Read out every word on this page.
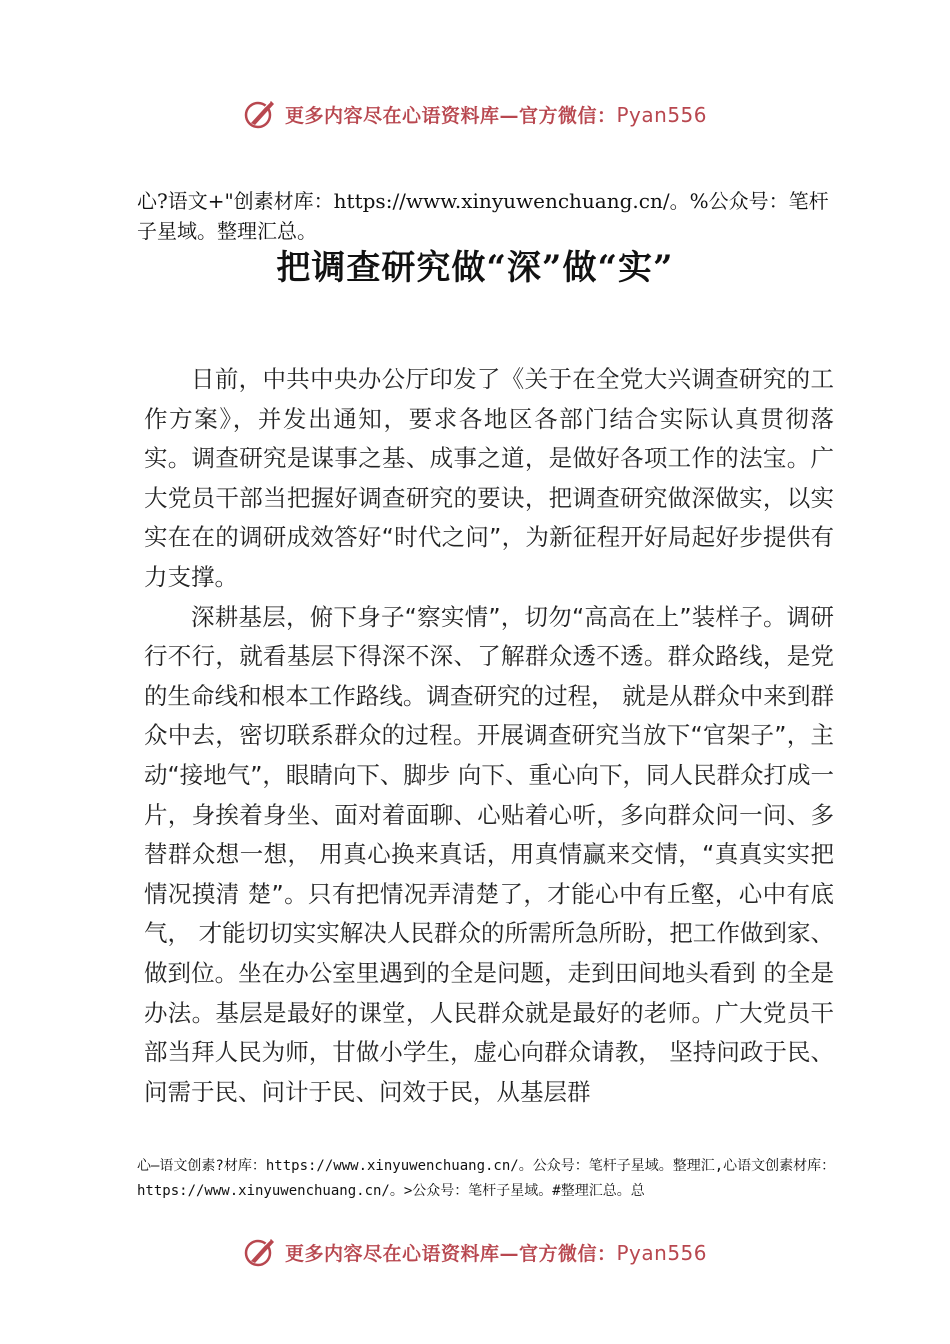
更多内容尽在心语资料库—官方微信：Pyan556
心?语文+"创素材库：https://www.xinyuwenchuang.cn/。%公众号：笔杆子星域。整理汇总。
把调查研究做“深”做“实”

日前，中共中央办公厅印发了《关于在全党大兴调查研究的工作方案》，并发出通知，要求各地区各部门结合实际认真贯彻落实。调查研究是谋事之基、成事之道，是做好各项工作的法宝。广大党员干部当把握好调查研究的要诀，把调查研究做深做实，以实实在在的调研成效答好“时代之问”，为新征程开好局起好步提供有力支撑。

深耕基层，俯下身子“察实情”，切勿“高高在上”装样子。调研行不行，就看基层下得深不深、了解群众透不透。群众路线，是党的生命线和根本工作路线。调查研究的过程， 就是从群众中来到群众中去，密切联系群众的过程。开展调查研究当放下“官架子”，主动“接地气”，眼睛向下、脚步 向下、重心向下，同人民群众打成一片，身挨着身坐、面对着面聊、心贴着心听，多向群众问一问、多替群众想一想， 用真心换来真话，用真情赢来交情，“真真实实把情况摸清 楚”。只有把情况弄清楚了，才能心中有丘壑，心中有底气， 才能切切实实解决人民群众的所需所急所盼，把工作做到家、做到位。坐在办公室里遇到的全是问题，走到田间地头看到 的全是办法。基层是最好的课堂，人民群众就是最好的老师。广大党员干部当拜人民为师，甘做小学生，虚心向群众请教， 坚持问政于民、问需于民、问计于民、问效于民，从基层群

心—语文创素?材库：https://www.xinyuwenchuang.cn/。公众号：笔杆子星域。整理汇,心语文创素材库：https://www.xinyuwenchuang.cn/。>公众号：笔杆子星域。#整理汇总。总
更多内容尽在心语资料库—官方微信：Pyan556
